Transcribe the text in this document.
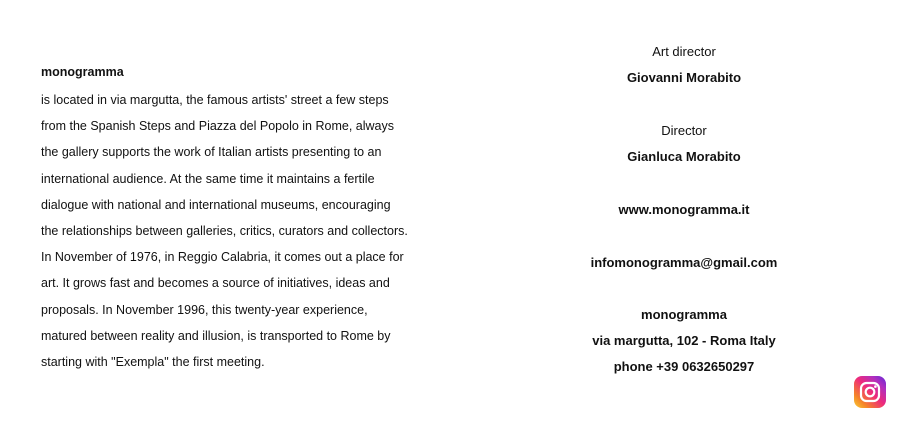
monogramma
is located in via margutta, the famous artists' street a few steps
from the Spanish Steps and Piazza del Popolo in Rome, always
the gallery supports the work of Italian artists presenting to an
international audience. At the same time it maintains a fertile
dialogue with national and international museums, encouraging
the relationships between galleries, critics, curators and collectors.
In November of 1976, in Reggio Calabria, it comes out a place for
art. It grows fast and becomes a source of initiatives, ideas and
proposals. In November 1996, this twenty-year experience,
matured between reality and illusion, is transported to Rome by
starting with "Exempla" the first meeting.
Art director
Giovanni Morabito
Director
Gianluca Morabito
www.monogramma.it
infomonogramma@gmail.com
monogramma
via margutta, 102 - Roma Italy
phone +39 0632650297
